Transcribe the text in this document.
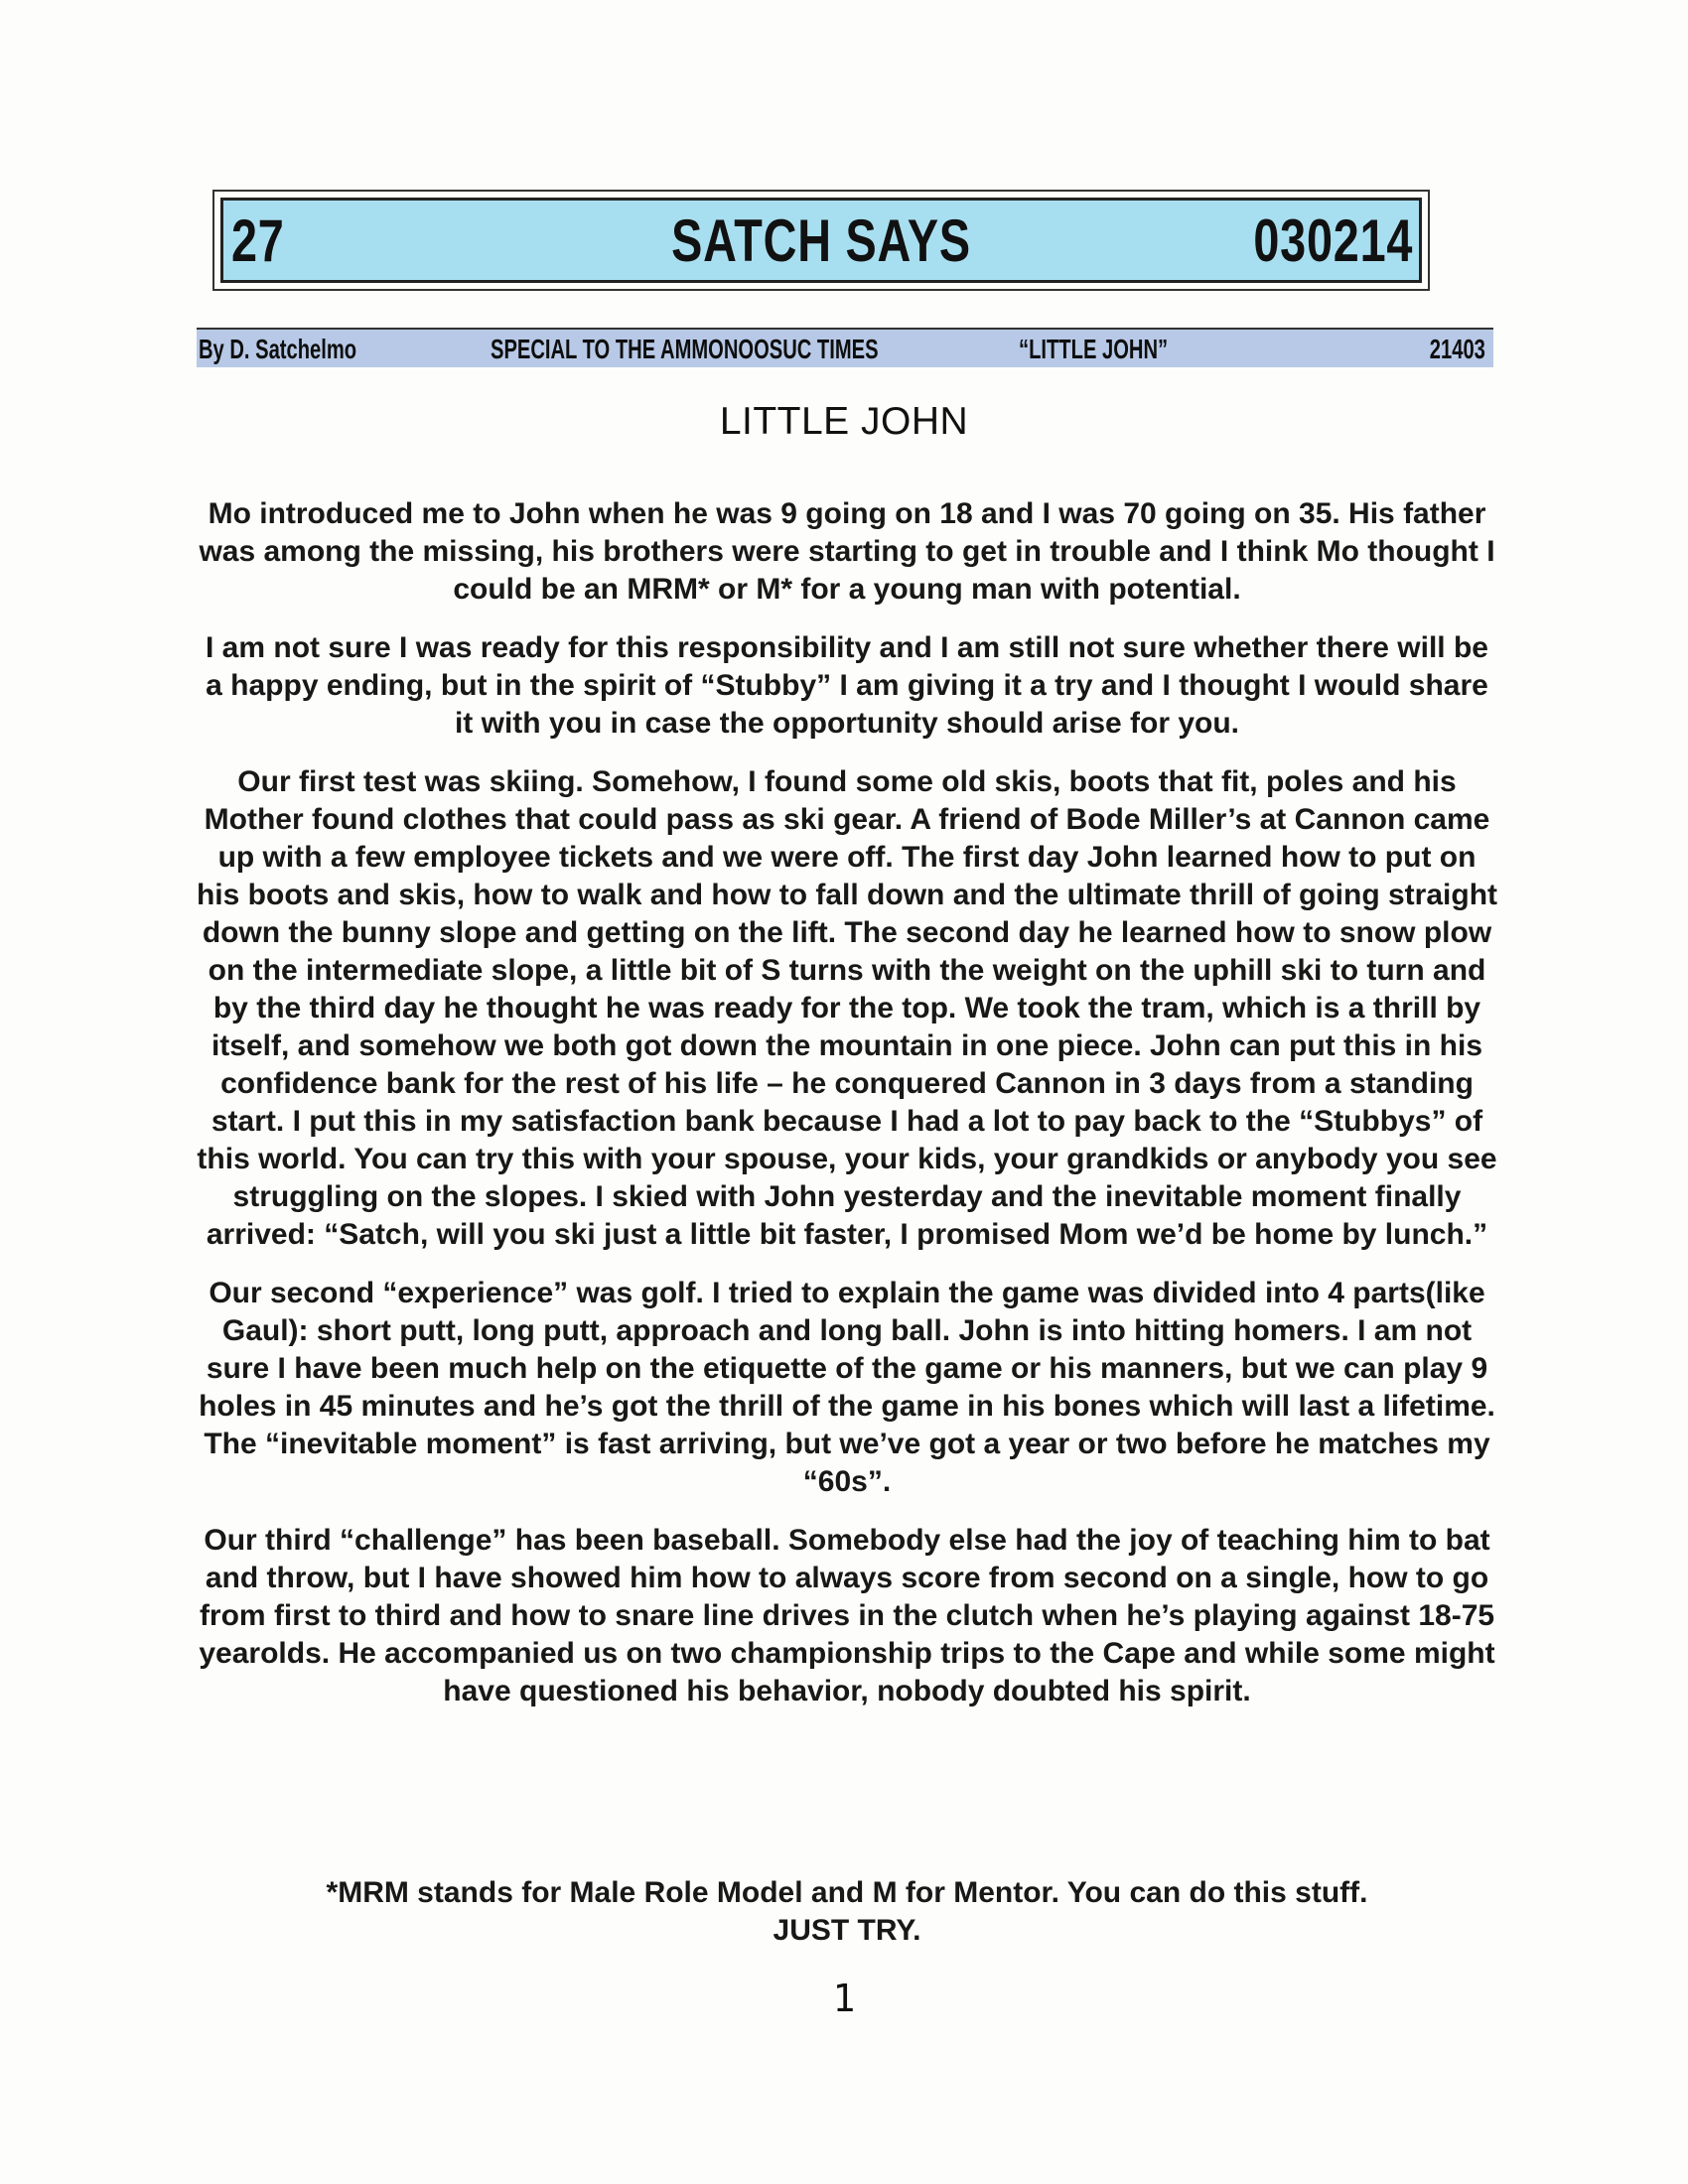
27	SATCH SAYS	030214
By D. Satchelmo	SPECIAL TO THE AMMONOOSUC TIMES	“LITTLE JOHN”	21403
LITTLE JOHN

Mo introduced me to John when he was 9 going on 18 and I was 70 going on 35. His father was among the missing, his brothers were starting to get in trouble and I think Mo thought I could be an MRM* or M* for a young man with potential.

I am not sure I was ready for this responsibility and I am still not sure whether there will be a happy ending, but in the spirit of “Stubby” I am giving it a try and I thought I would share it with you in case the opportunity should arise for you.

Our first test was skiing. Somehow, I found some old skis, boots that fit, poles and his Mother found clothes that could pass as ski gear. A friend of Bode Miller’s at Cannon came up with a few employee tickets and we were off. The first day John learned how to put on his boots and skis, how to walk and how to fall down and the ultimate thrill of going straight down the bunny slope and getting on the lift. The second day he learned how to snow plow on the intermediate slope, a little bit of S turns with the weight on the uphill ski to turn and by the third day he thought he was ready for the top. We took the tram, which is a thrill by itself, and somehow we both got down the mountain in one piece. John can put this in his confidence bank for the rest of his life – he conquered Cannon in 3 days from a standing start. I put this in my satisfaction bank because I had a lot to pay back to the “Stubbys” of this world. You can try this with your spouse, your kids, your grandkids or anybody you see struggling on the slopes. I skied with John yesterday and the inevitable moment finally arrived: “Satch, will you ski just a little bit faster, I promised Mom we’d be home by lunch.”

Our second “experience” was golf. I tried to explain the game was divided into 4 parts(like Gaul): short putt, long putt, approach and long ball. John is into hitting homers. I am not sure I have been much help on the etiquette of the game or his manners, but we can play 9 holes in 45 minutes and he’s got the thrill of the game in his bones which will last a lifetime. The “inevitable moment” is fast arriving, but we’ve got a year or two before he matches my “60s”.

Our third “challenge” has been baseball. Somebody else had the joy of teaching him to bat and throw, but I have showed him how to always score from second on a single, how to go from first to third and how to snare line drives in the clutch when he’s playing against 18-75 yearolds. He accompanied us on two championship trips to the Cape and while some might have questioned his behavior, nobody doubted his spirit.

*MRM stands for Male Role Model and M for Mentor. You can do this stuff.
JUST TRY.

1
